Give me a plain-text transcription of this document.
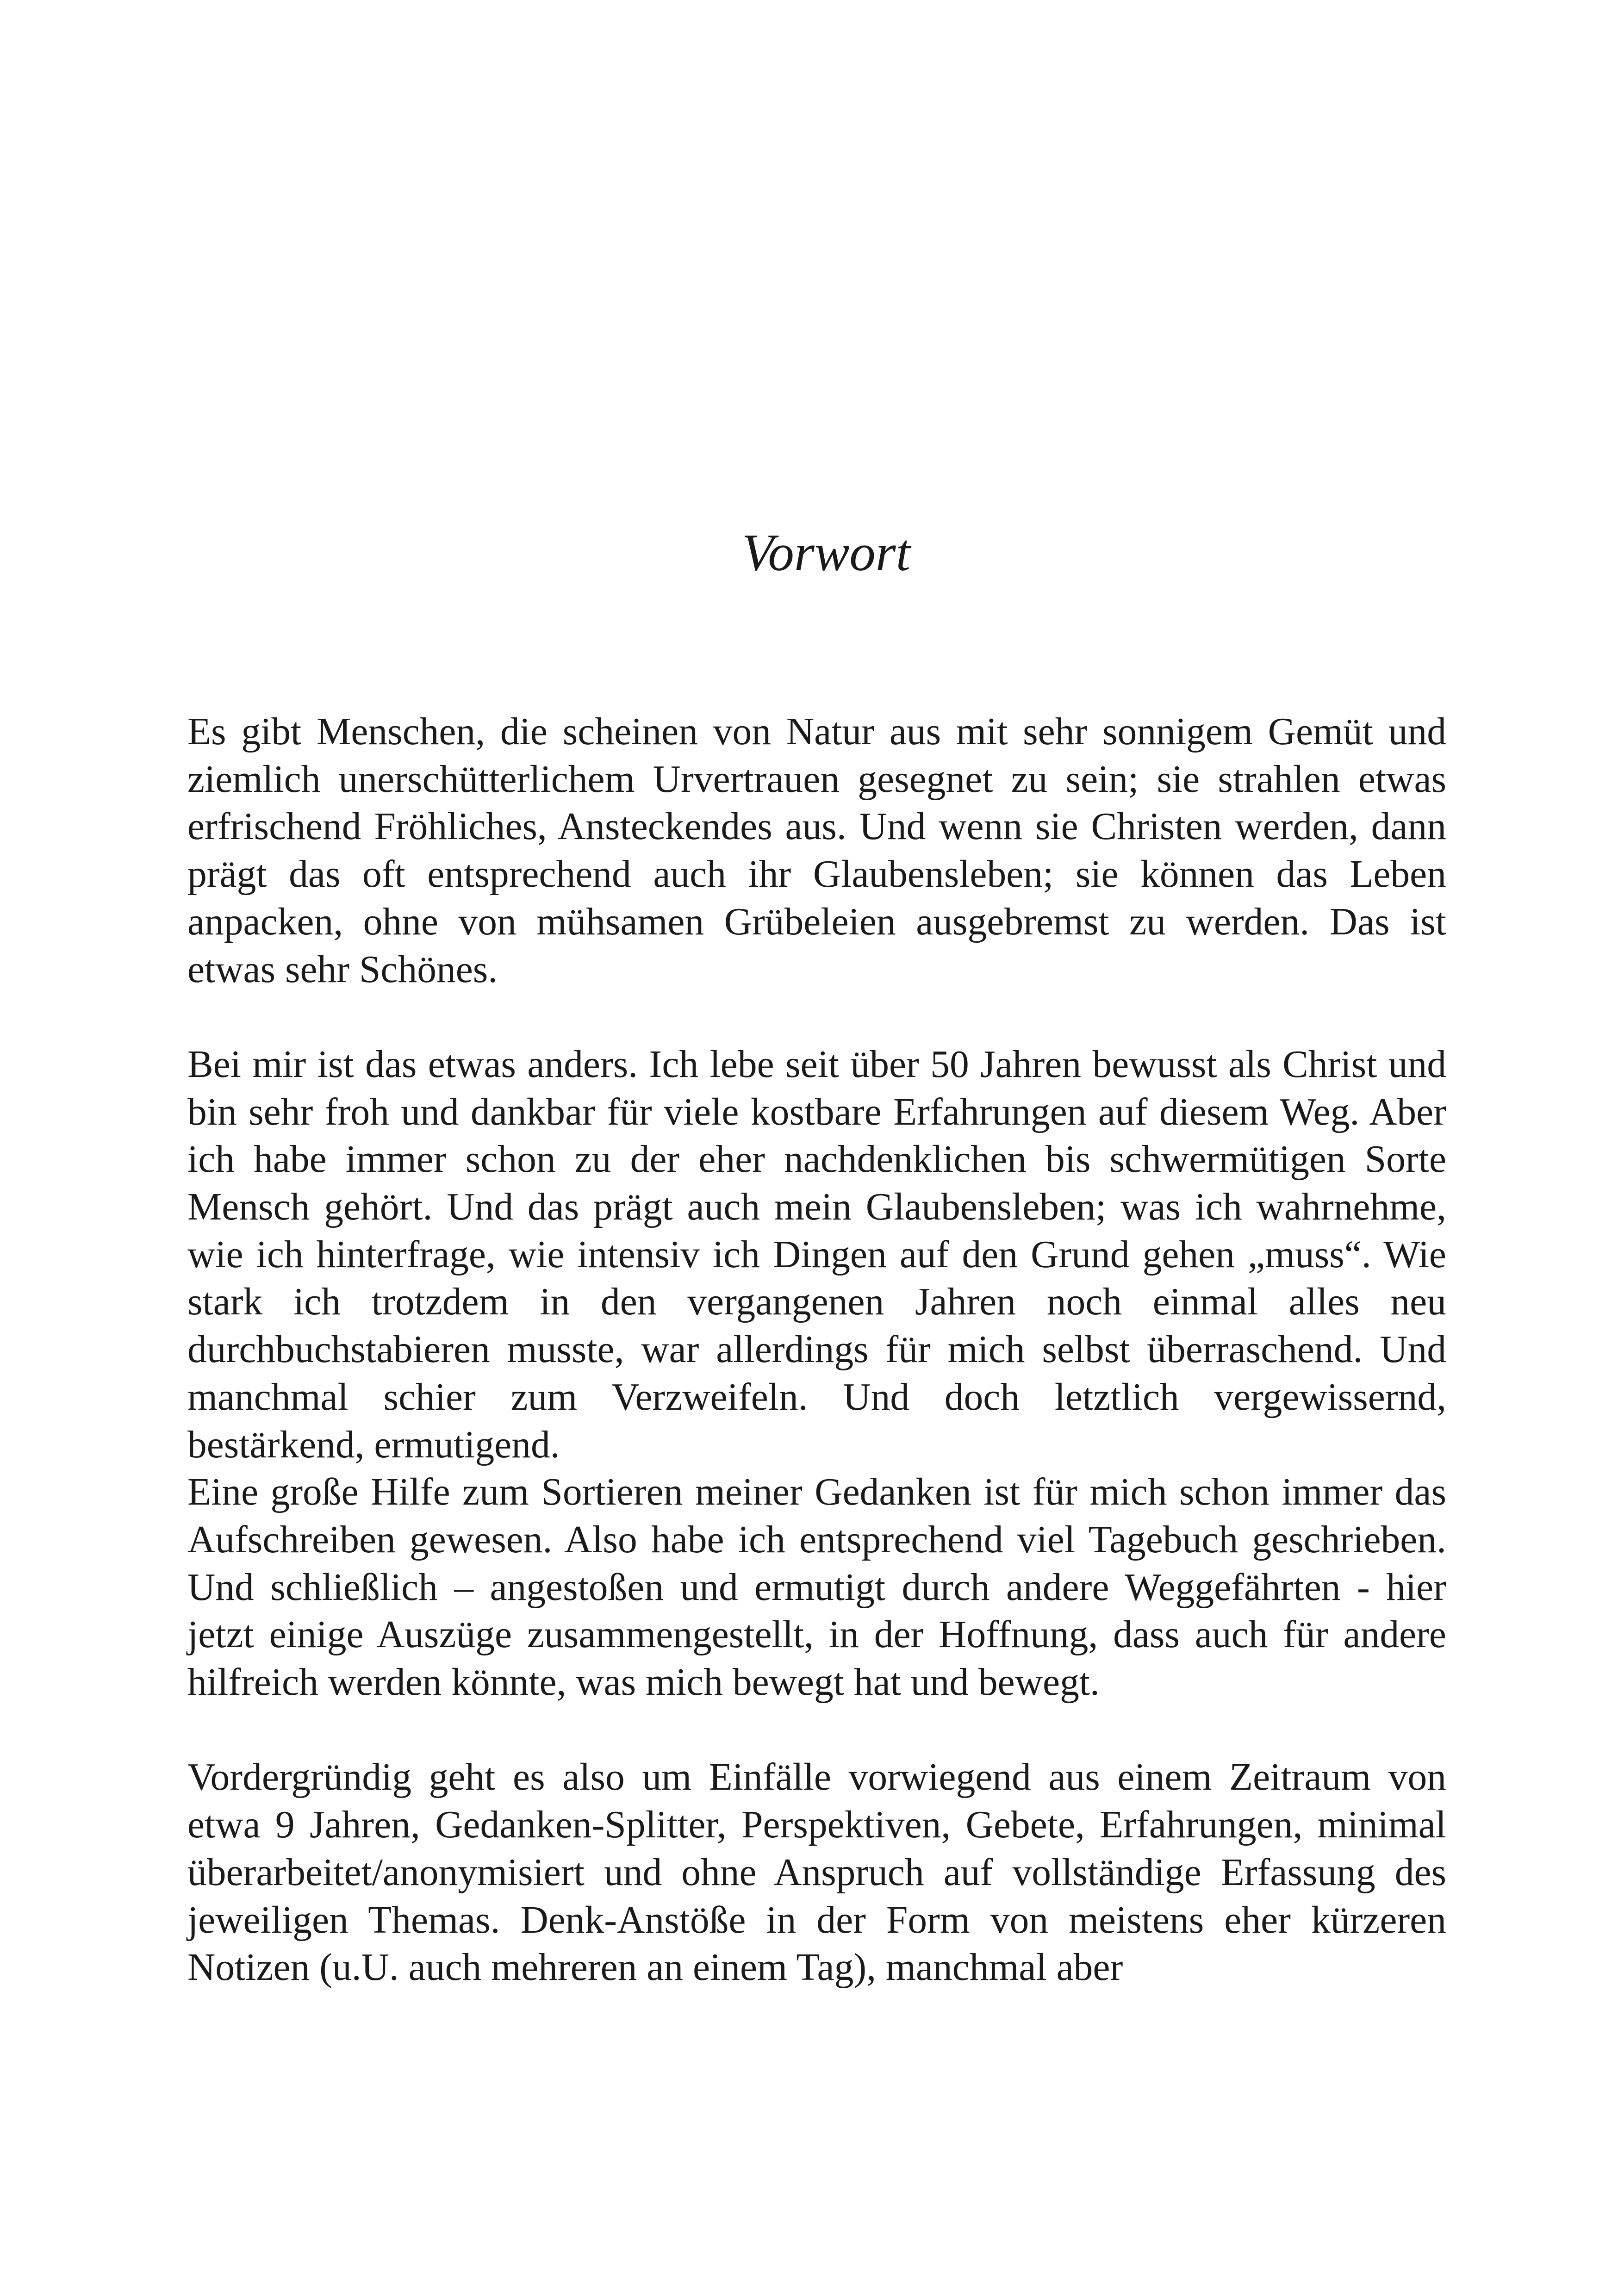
Vorwort

Es gibt Menschen, die scheinen von Natur aus mit sehr sonnigem Gemüt und ziemlich unerschütterlichem Urvertrauen gesegnet zu sein; sie strahlen etwas erfrischend Fröhliches, Ansteckendes aus. Und wenn sie Christen werden, dann prägt das oft entsprechend auch ihr Glaubensleben; sie können das Leben anpacken, ohne von mühsamen Grübeleien ausgebremst zu werden. Das ist etwas sehr Schönes.

Bei mir ist das etwas anders. Ich lebe seit über 50 Jahren bewusst als Christ und bin sehr froh und dankbar für viele kostbare Erfahrungen auf diesem Weg. Aber ich habe immer schon zu der eher nachdenklichen bis schwermütigen Sorte Mensch gehört. Und das prägt auch mein Glaubensleben; was ich wahrnehme, wie ich hinterfrage, wie intensiv ich Dingen auf den Grund gehen „muss“. Wie stark ich trotzdem in den vergangenen Jahren noch einmal alles neu durchbuchstabieren musste, war allerdings für mich selbst überraschend. Und manchmal schier zum Verzweifeln. Und doch letztlich vergewissernd, bestärkend, ermutigend.

Eine große Hilfe zum Sortieren meiner Gedanken ist für mich schon immer das Aufschreiben gewesen. Also habe ich entsprechend viel Tagebuch geschrieben. Und schließlich – angestoßen und ermutigt durch andere Weggefährten - hier jetzt einige Auszüge zusammengestellt, in der Hoffnung, dass auch für andere hilfreich werden könnte, was mich bewegt hat und bewegt.

Vordergründig geht es also um Einfälle vorwiegend aus einem Zeitraum von etwa 9 Jahren, Gedanken-Splitter, Perspektiven, Gebete, Erfahrungen, minimal überarbeitet/anonymisiert und ohne Anspruch auf vollständige Erfassung des jeweiligen Themas. Denk-Anstöße in der Form von meistens eher kürzeren Notizen (u.U. auch mehreren an einem Tag), manchmal aber
